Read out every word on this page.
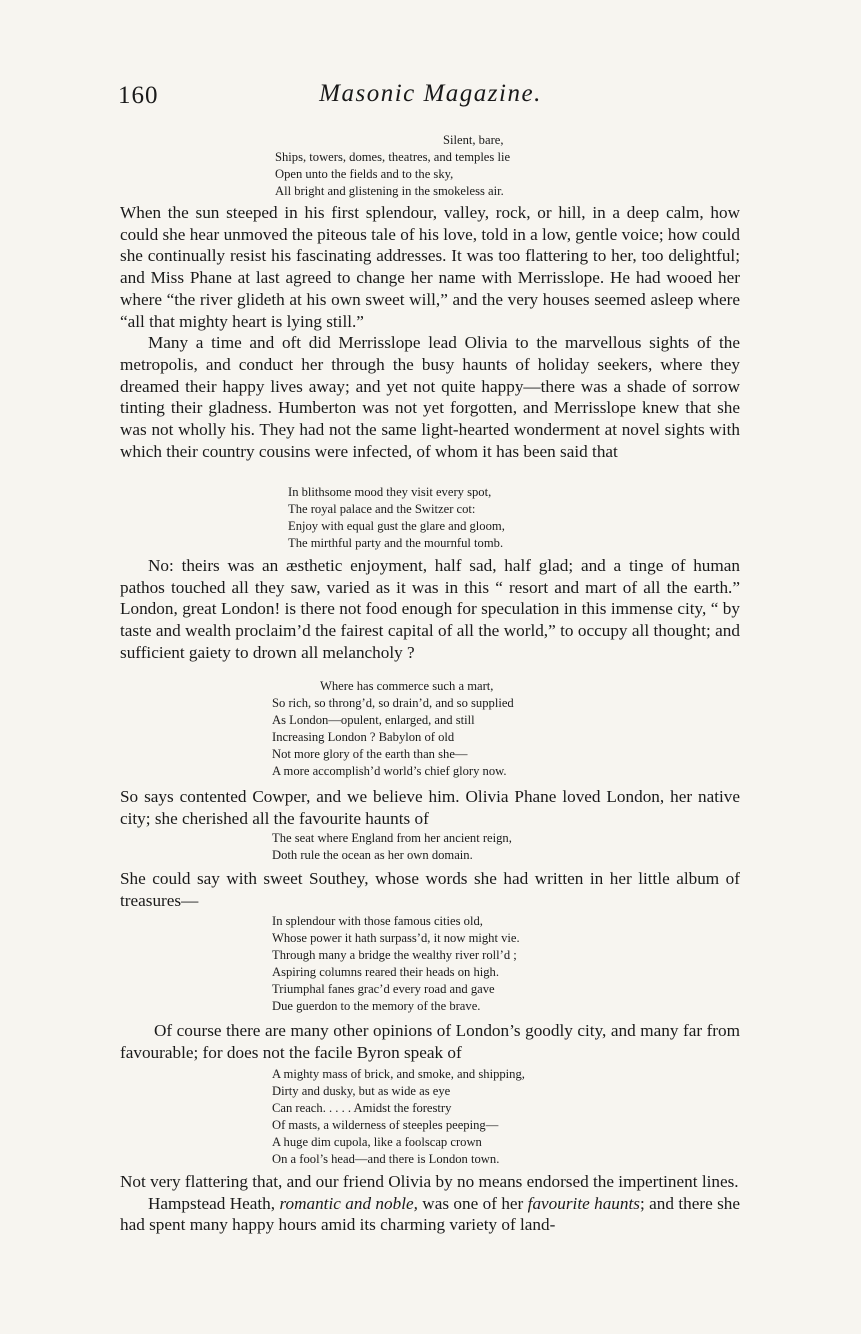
160	Masonic Magazine.
Silent, bare,
Ships, towers, domes, theatres, and temples lie
Open unto the fields and to the sky,
All bright and glistening in the smokeless air.

When the sun steeped in his first splendour, valley, rock, or hill, in a deep calm, how could she hear unmoved the piteous tale of his love, told in a low, gentle voice; how could she continually resist his fascinating addresses. It was too flattering to her, too delightful; and Miss Phane at last agreed to change her name with Merrisslope. He had wooed her where “the river glideth at his own sweet will,” and the very houses seemed asleep where “all that mighty heart is lying still.”

Many a time and oft did Merrisslope lead Olivia to the marvellous sights of the metropolis, and conduct her through the busy haunts of holiday seekers, where they dreamed their happy lives away; and yet not quite happy—there was a shade of sorrow tinting their gladness. Humberton was not yet forgotten, and Merrisslope knew that she was not wholly his. They had not the same light-hearted wonderment at novel sights with which their country cousins were infected, of whom it has been said that

In blithsome mood they visit every spot,
The royal palace and the Switzer cot:
Enjoy with equal gust the glare and gloom,
The mirthful party and the mournful tomb.

No: theirs was an æsthetic enjoyment, half sad, half glad; and a tinge of human pathos touched all they saw, varied as it was in this “ resort and mart of all the earth.” London, great London! is there not food enough for speculation in this immense city, “ by taste and wealth proclaim’d the fairest capital of all the world,” to occupy all thought; and sufficient gaiety to drown all melancholy ?

Where has commerce such a mart,
So rich, so throng’d, so drain’d, and so supplied
As London—opulent, enlarged, and still
Increasing London ? Babylon of old
Not more glory of the earth than she—
A more accomplish’d world’s chief glory now.

So says contented Cowper, and we believe him. Olivia Phane loved London, her native city; she cherished all the favourite haunts of

The seat where England from her ancient reign,
Doth rule the ocean as her own domain.

She could say with sweet Southey, whose words she had written in her little album of treasures—

In splendour with those famous cities old,
Whose power it hath surpass’d, it now might vie.
Through many a bridge the wealthy river roll’d ;
Aspiring columns reared their heads on high.
Triumphal fanes grac’d every road and gave
Due guerdon to the memory of the brave.

Of course there are many other opinions of London’s goodly city, and many far from favourable; for does not the facile Byron speak of

A mighty mass of brick, and smoke, and shipping,
Dirty and dusky, but as wide as eye
Can reach. . . . . Amidst the forestry
Of masts, a wilderness of steeples peeping—
A huge dim cupola, like a foolscap crown
On a fool’s head—and there is London town.

Not very flattering that, and our friend Olivia by no means endorsed the impertinent lines.

Hampstead Heath, romantic and noble, was one of her favourite haunts; and there she had spent many happy hours amid its charming variety of land-
